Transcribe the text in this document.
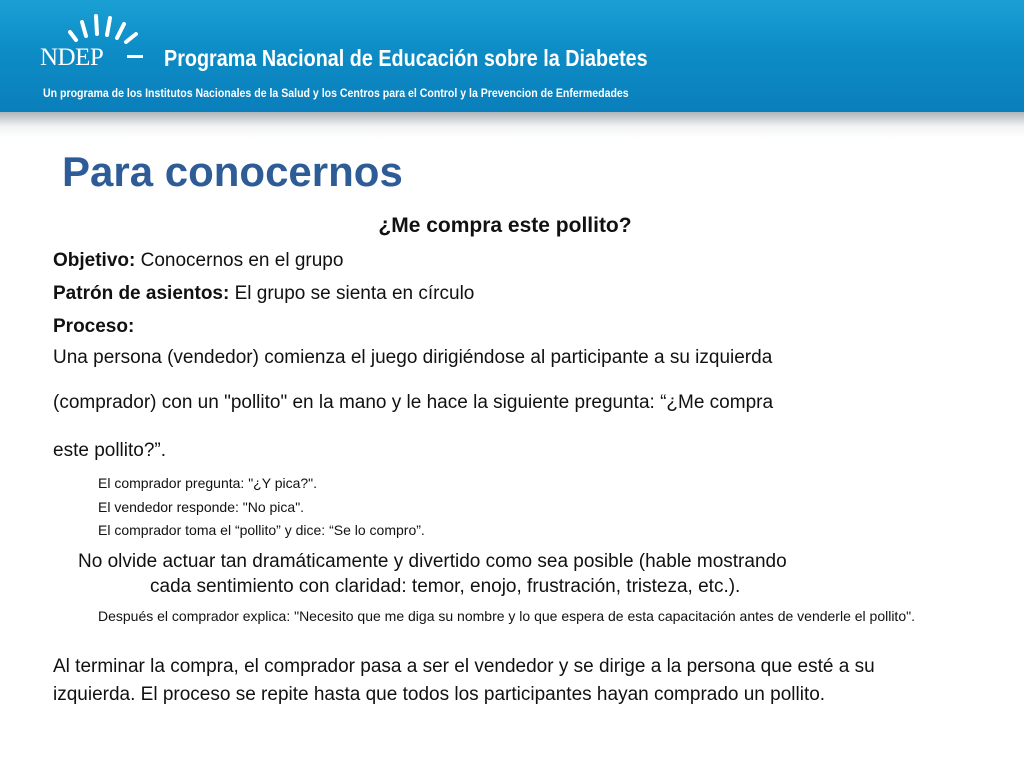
NDEP	Programa Nacional de Educación sobre la Diabetes
Un programa de los Institutos Nacionales de la Salud y los Centros para el Control y la Prevencion de Enfermedades
Para conocernos
¿Me compra este pollito?
Objetivo: Conocernos en el grupo
Patrón de asientos: El grupo se sienta en círculo
Proceso:
Una persona (vendedor) comienza el juego dirigiéndose al participante a su izquierda
(comprador) con un "pollito" en la mano y le hace la siguiente pregunta: “¿Me compra
este pollito?”.
El comprador pregunta: "¿Y pica?".
El vendedor responde: "No pica".
El comprador toma el “pollito” y dice: “Se lo compro”.
No olvide actuar tan dramáticamente y divertido como sea posible (hable mostrando
cada sentimiento con claridad: temor, enojo, frustración, tristeza, etc.).
Después el comprador explica: "Necesito que me diga su nombre y lo que espera de esta capacitación antes de venderle el pollito".
Al terminar la compra, el comprador pasa a ser el vendedor y se dirige a la persona que esté a su izquierda. El proceso se repite hasta que todos los participantes hayan comprado un pollito.
